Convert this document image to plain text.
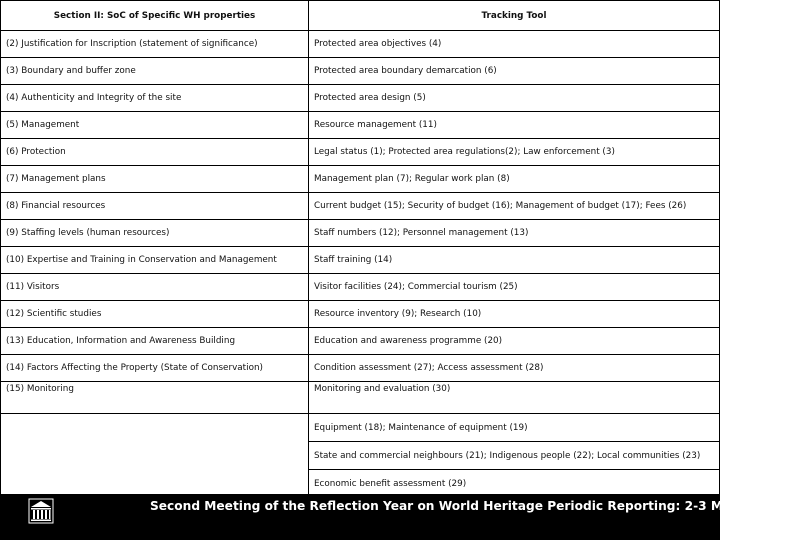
Section II: SoC of Specific WH properties	Tracking Tool
(2) Justification for Inscription (statement of significance)	Protected area objectives (4)
(3) Boundary and buffer zone	Protected area boundary demarcation (6)
(4) Authenticity and Integrity of the site	Protected area design (5)
(5) Management	Resource management (11)
(6) Protection	Legal status (1); Protected area regulations(2); Law enforcement (3)
(7) Management plans	Management plan (7); Regular work plan (8)
(8) Financial resources	Current budget (15); Security of budget (16); Management of budget (17); Fees (26)
(9) Staffing levels (human resources)	Staff numbers (12); Personnel management (13)
(10) Expertise and Training in Conservation and Management	Staff training (14)
(11) Visitors	Visitor facilities (24); Commercial tourism (25)
(12) Scientific studies	Resource inventory (9); Research (10)
(13) Education, Information and Awareness Building	Education and awareness programme (20)
(14) Factors Affecting the Property (State of Conservation)	Condition assessment (27); Access assessment (28)
(15) Monitoring	Monitoring and evaluation (30)
	Equipment (18); Maintenance of equipment (19)
	State and commercial neighbours (21); Indigenous people (22); Local communities (23)
	Economic benefit assessment (29)
Second Meeting of the Reflection Year on World Heritage Periodic Reporting: 2-3 March 2006
